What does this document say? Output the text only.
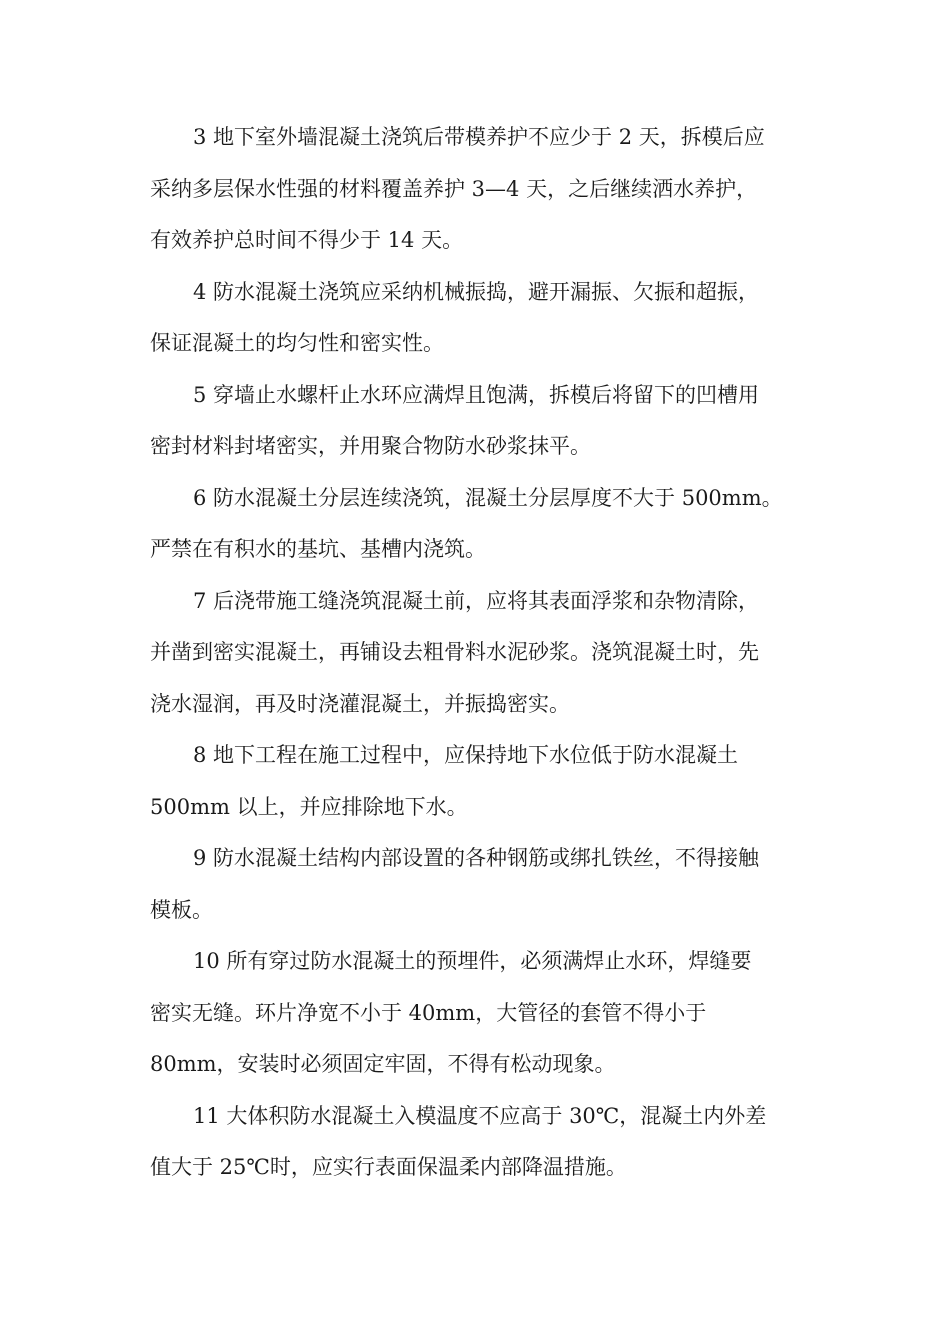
3 地下室外墙混凝土浇筑后带模养护不应少于 2 天，拆模后应
采纳多层保水性强的材料覆盖养护 3—4 天，之后继续洒水养护，
有效养护总时间不得少于 14 天。

4 防水混凝土浇筑应采纳机械振捣，避开漏振、欠振和超振，
保证混凝土的均匀性和密实性。

5 穿墙止水螺杆止水环应满焊且饱满，拆模后将留下的凹槽用
密封材料封堵密实，并用聚合物防水砂浆抹平。

6 防水混凝土分层连续浇筑，混凝土分层厚度不大于 500mm。
严禁在有积水的基坑、基槽内浇筑。

7 后浇带施工缝浇筑混凝土前，应将其表面浮浆和杂物清除，
并凿到密实混凝土，再铺设去粗骨料水泥砂浆。浇筑混凝土时，先
浇水湿润，再及时浇灌混凝土，并振捣密实。

8 地下工程在施工过程中，应保持地下水位低于防水混凝土
500mm 以上，并应排除地下水。

9 防水混凝土结构内部设置的各种钢筋或绑扎铁丝，不得接触
模板。

10 所有穿过防水混凝土的预埋件，必须满焊止水环，焊缝要
密实无缝。环片净宽不小于 40mm，大管径的套管不得小于
80mm，安装时必须固定牢固，不得有松动现象。

11 大体积防水混凝土入模温度不应高于 30℃，混凝土内外差
值大于 25℃时，应实行表面保温柔内部降温措施。
